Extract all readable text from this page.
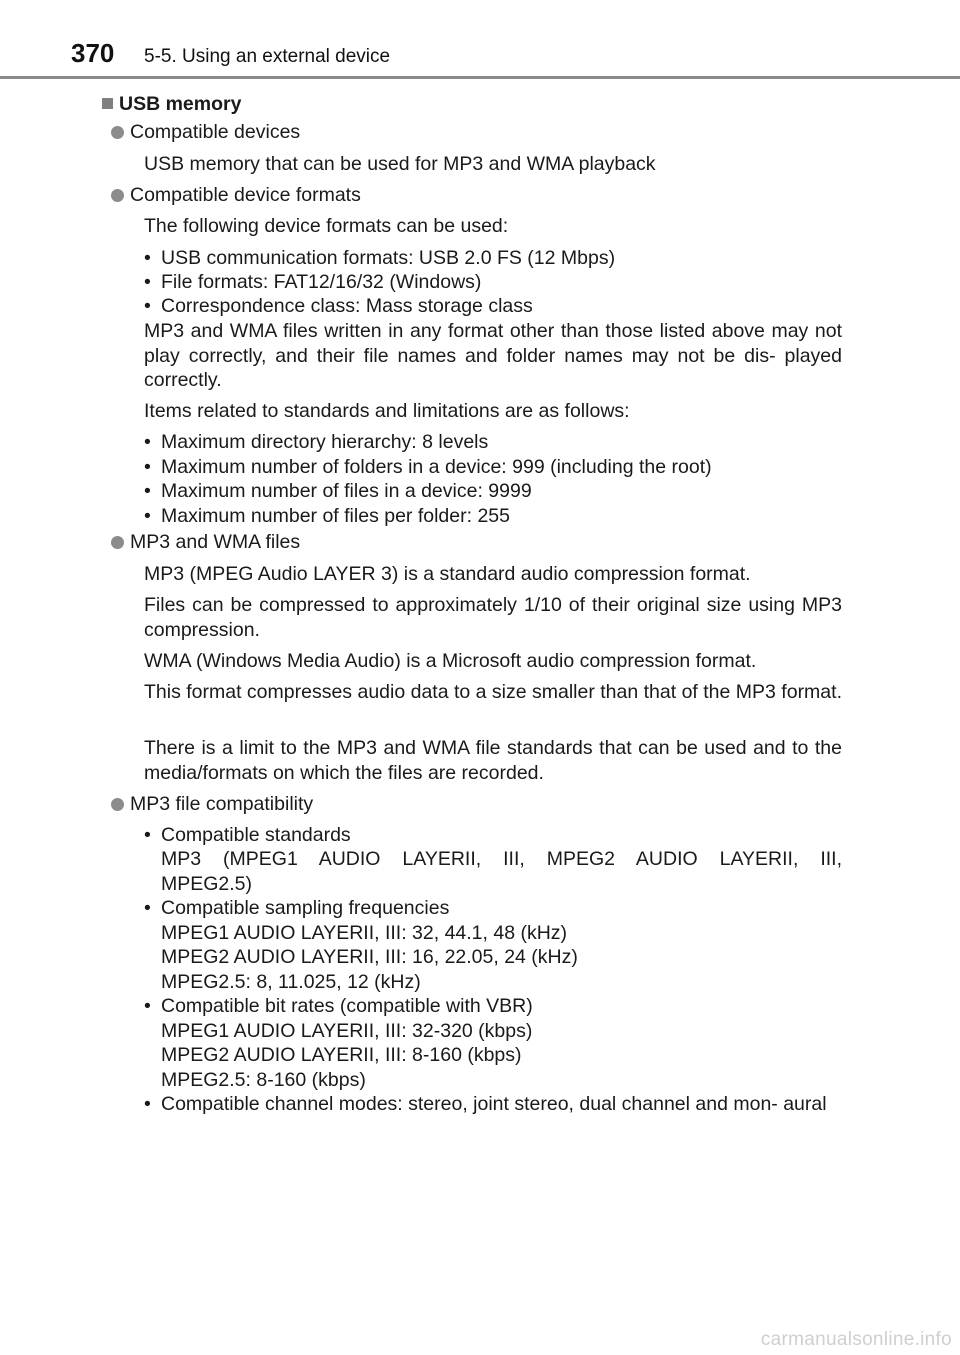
370 5-5. Using an external device
USB memory
Compatible devices
USB memory that can be used for MP3 and WMA playback
Compatible device formats
The following device formats can be used:
• USB communication formats: USB 2.0 FS (12 Mbps)
• File formats: FAT12/16/32 (Windows)
• Correspondence class: Mass storage class
MP3 and WMA files written in any format other than those listed above may not play correctly, and their file names and folder names may not be dis- played correctly.
Items related to standards and limitations are as follows:
• Maximum directory hierarchy: 8 levels
• Maximum number of folders in a device: 999 (including the root)
• Maximum number of files in a device: 9999
• Maximum number of files per folder: 255
MP3 and WMA files
MP3 (MPEG Audio LAYER 3) is a standard audio compression format.
Files can be compressed to approximately 1/10 of their original size using MP3 compression.
WMA (Windows Media Audio) is a Microsoft audio compression format.
This format compresses audio data to a size smaller than that of the MP3 format.
There is a limit to the MP3 and WMA file standards that can be used and to the media/formats on which the files are recorded.
MP3 file compatibility
• Compatible standards
MP3 (MPEG1 AUDIO LAYERII, III, MPEG2 AUDIO LAYERII, III,
MPEG2.5)
• Compatible sampling frequencies
MPEG1 AUDIO LAYERII, III: 32, 44.1, 48 (kHz)
MPEG2 AUDIO LAYERII, III: 16, 22.05, 24 (kHz)
MPEG2.5: 8, 11.025, 12 (kHz)
• Compatible bit rates (compatible with VBR)
MPEG1 AUDIO LAYERII, III: 32-320 (kbps)
MPEG2 AUDIO LAYERII, III: 8-160 (kbps)
MPEG2.5: 8-160 (kbps)
• Compatible channel modes: stereo, joint stereo, dual channel and mon- aural
carmanualsonline.info
